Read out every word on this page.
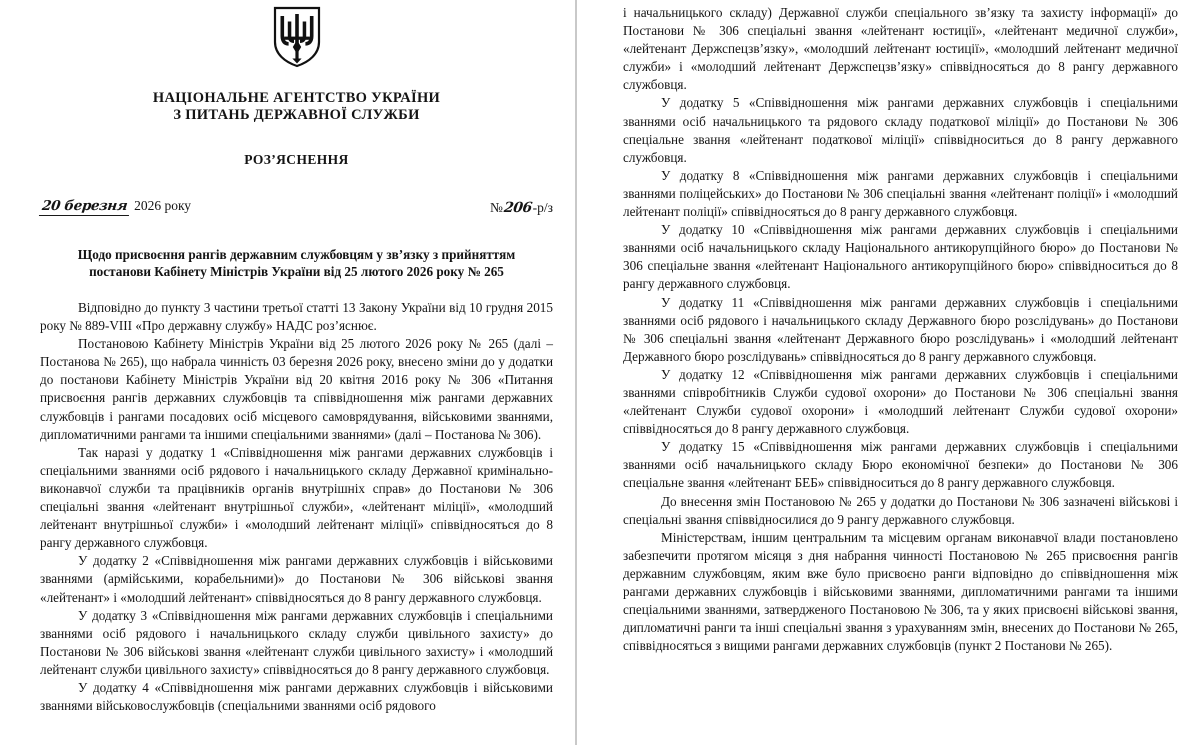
НАЦІОНАЛЬНЕ АГЕНТСТВО УКРАЇНИ
З ПИТАНЬ ДЕРЖАВНОЇ СЛУЖБИ
РОЗ’ЯСНЕННЯ
20 березня 2026 року	№ 206 -р/з
Щодо присвоєння рангів державним службовцям у зв’язку з прийняттям
постанови Кабінету Міністрів України від 25 лютого 2026 року № 265

Відповідно до пункту 3 частини третьої статті 13 Закону України від 10 грудня 2015 року № 889-VIII «Про державну службу» НАДС роз’яснює.

Постановою Кабінету Міністрів України від 25 лютого 2026 року № 265 (далі – Постанова № 265), що набрала чинність 03 березня 2026 року, внесено зміни до у додатки до постанови Кабінету Міністрів України від 20 квітня 2016 року № 306 «Питання присвоєння рангів державних службовців та співвідношення між рангами державних службовців і рангами посадових осіб місцевого самоврядування, військовими званнями, дипломатичними рангами та іншими спеціальними званнями» (далі – Постанова № 306).

Так наразі у додатку 1 «Співвідношення між рангами державних службовців і спеціальними званнями осіб рядового і начальницького складу Державної кримінально-виконавчої служби та працівників органів внутрішніх справ» до Постанови № 306 спеціальні звання «лейтенант внутрішньої служби», «лейтенант міліції», «молодший лейтенант внутрішньої служби» і «молодший лейтенант міліції» співвідносяться до 8 рангу державного службовця.

У додатку 2 «Співвідношення між рангами державних службовців і військовими званнями (армійськими, корабельними)» до Постанови № 306 військові звання «лейтенант» і «молодший лейтенант» співвідносяться до 8 рангу державного службовця.

У додатку 3 «Співвідношення між рангами державних службовців і спеціальними званнями осіб рядового і начальницького складу служби цивільного захисту» до Постанови № 306 військові звання «лейтенант служби цивільного захисту» і «молодший лейтенант служби цивільного захисту» співвідносяться до 8 рангу державного службовця.

У додатку 4 «Співвідношення між рангами державних службовців і військовими званнями військовослужбовців (спеціальними званнями осіб рядового

і начальницького складу) Державної служби спеціального зв’язку та захисту інформації» до Постанови № 306 спеціальні звання «лейтенант юстиції», «лейтенант медичної служби», «лейтенант Держспецзв’язку», «молодший лейтенант юстиції», «молодший лейтенант медичної служби» і «молодший лейтенант Держспецзв’язку» співвідносяться до 8 рангу державного службовця.

У додатку 5 «Співвідношення між рангами державних службовців і спеціальними званнями осіб начальницького та рядового складу податкової міліції» до Постанови № 306 спеціальне звання «лейтенант податкової міліції» співвідноситься до 8 рангу державного службовця.

У додатку 8 «Співвідношення між рангами державних службовців і спеціальними званнями поліцейських» до Постанови № 306 спеціальні звання «лейтенант поліції» і «молодший лейтенант поліції» співвідносяться до 8 рангу державного службовця.

У додатку 10 «Співвідношення між рангами державних службовців і спеціальними званнями осіб начальницького складу Національного антикорупційного бюро» до Постанови № 306 спеціальне звання «лейтенант Національного антикорупційного бюро» співвідноситься до 8 рангу державного службовця.

У додатку 11 «Співвідношення між рангами державних службовців і спеціальними званнями осіб рядового і начальницького складу Державного бюро розслідувань» до Постанови № 306 спеціальні звання «лейтенант Державного бюро розслідувань» і «молодший лейтенант Державного бюро розслідувань» співвідносяться до 8 рангу державного службовця.

У додатку 12 «Співвідношення між рангами державних службовців і спеціальними званнями співробітників Служби судової охорони» до Постанови № 306 спеціальні звання «лейтенант Служби судової охорони» і «молодший лейтенант Служби судової охорони» співвідносяться до 8 рангу державного службовця.

У додатку 15 «Співвідношення між рангами державних службовців і спеціальними званнями осіб начальницького складу Бюро економічної безпеки» до Постанови № 306 спеціальне звання «лейтенант БЕБ» співвідноситься до 8 рангу державного службовця.

До внесення змін Постановою № 265 у додатки до Постанови № 306 зазначені військові і спеціальні звання співвідносилися до 9 рангу державного службовця.

Міністерствам, іншим центральним та місцевим органам виконавчої влади постановлено забезпечити протягом місяця з дня набрання чинності Постановою № 265 присвоєння рангів державним службовцям, яким вже було присвоєно ранги відповідно до співвідношення між рангами державних службовців і військовими званнями, дипломатичними рангами та іншими спеціальними званнями, затвердженого Постановою № 306, та у яких присвоєні військові звання, дипломатичні ранги та інші спеціальні звання з урахуванням змін, внесених до Постанови № 265, співвідносяться з вищими рангами державних службовців (пункт 2 Постанови № 265).
